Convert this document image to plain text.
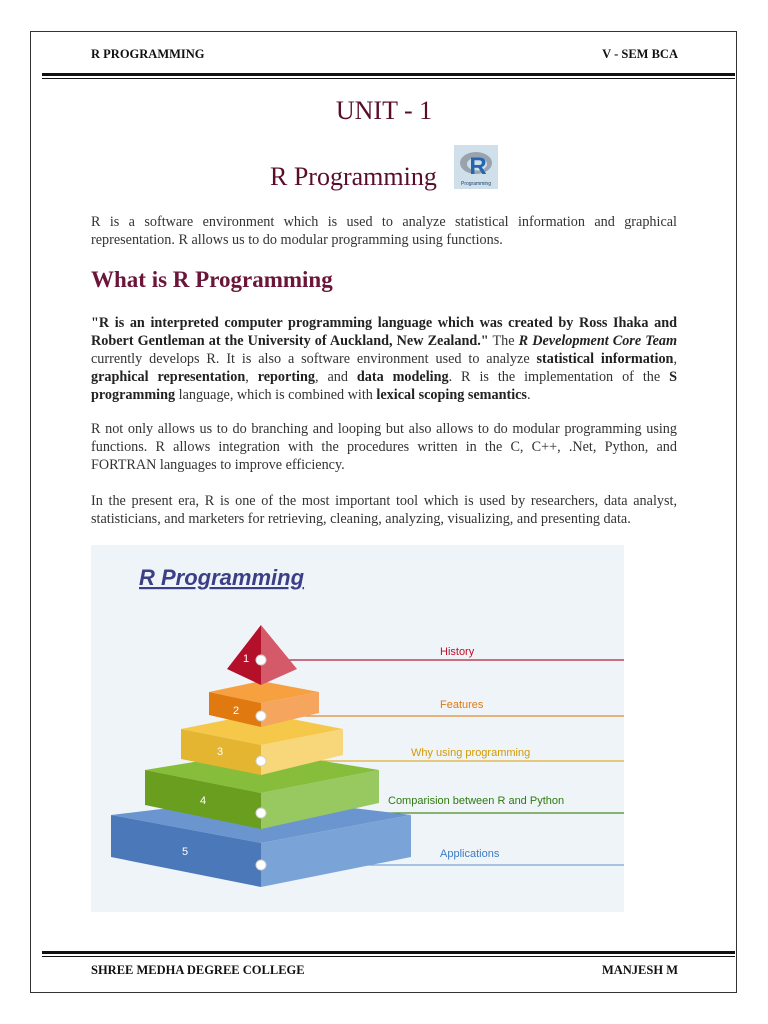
R PROGRAMMING	V - SEM BCA
UNIT - 1
R Programming R
Programming
R is a software environment which is used to analyze statistical information and graphical representation. R allows us to do modular programming using functions.
What is R Programming
"R is an interpreted computer programming language which was created by Ross Ihaka and Robert Gentleman at the University of Auckland, New Zealand." The R Development Core Team currently develops R. It is also a software environment used to analyze statistical information, graphical representation, reporting, and data modeling. R is the implementation of the S programming language, which is combined with lexical scoping semantics.
R not only allows us to do branching and looping but also allows to do modular programming using functions. R allows integration with the procedures written in the C, C++, .Net, Python, and FORTRAN languages to improve efficiency.
In the present era, R is one of the most important tool which is used by researchers, data analyst, statisticians, and marketers for retrieving, cleaning, analyzing, visualizing, and presenting data.
R Programming
1
2
3
4
5
History
Features
Why using programming
Comparision between R and Python
Applications
SHREE MEDHA DEGREE COLLEGE	MANJESH M
